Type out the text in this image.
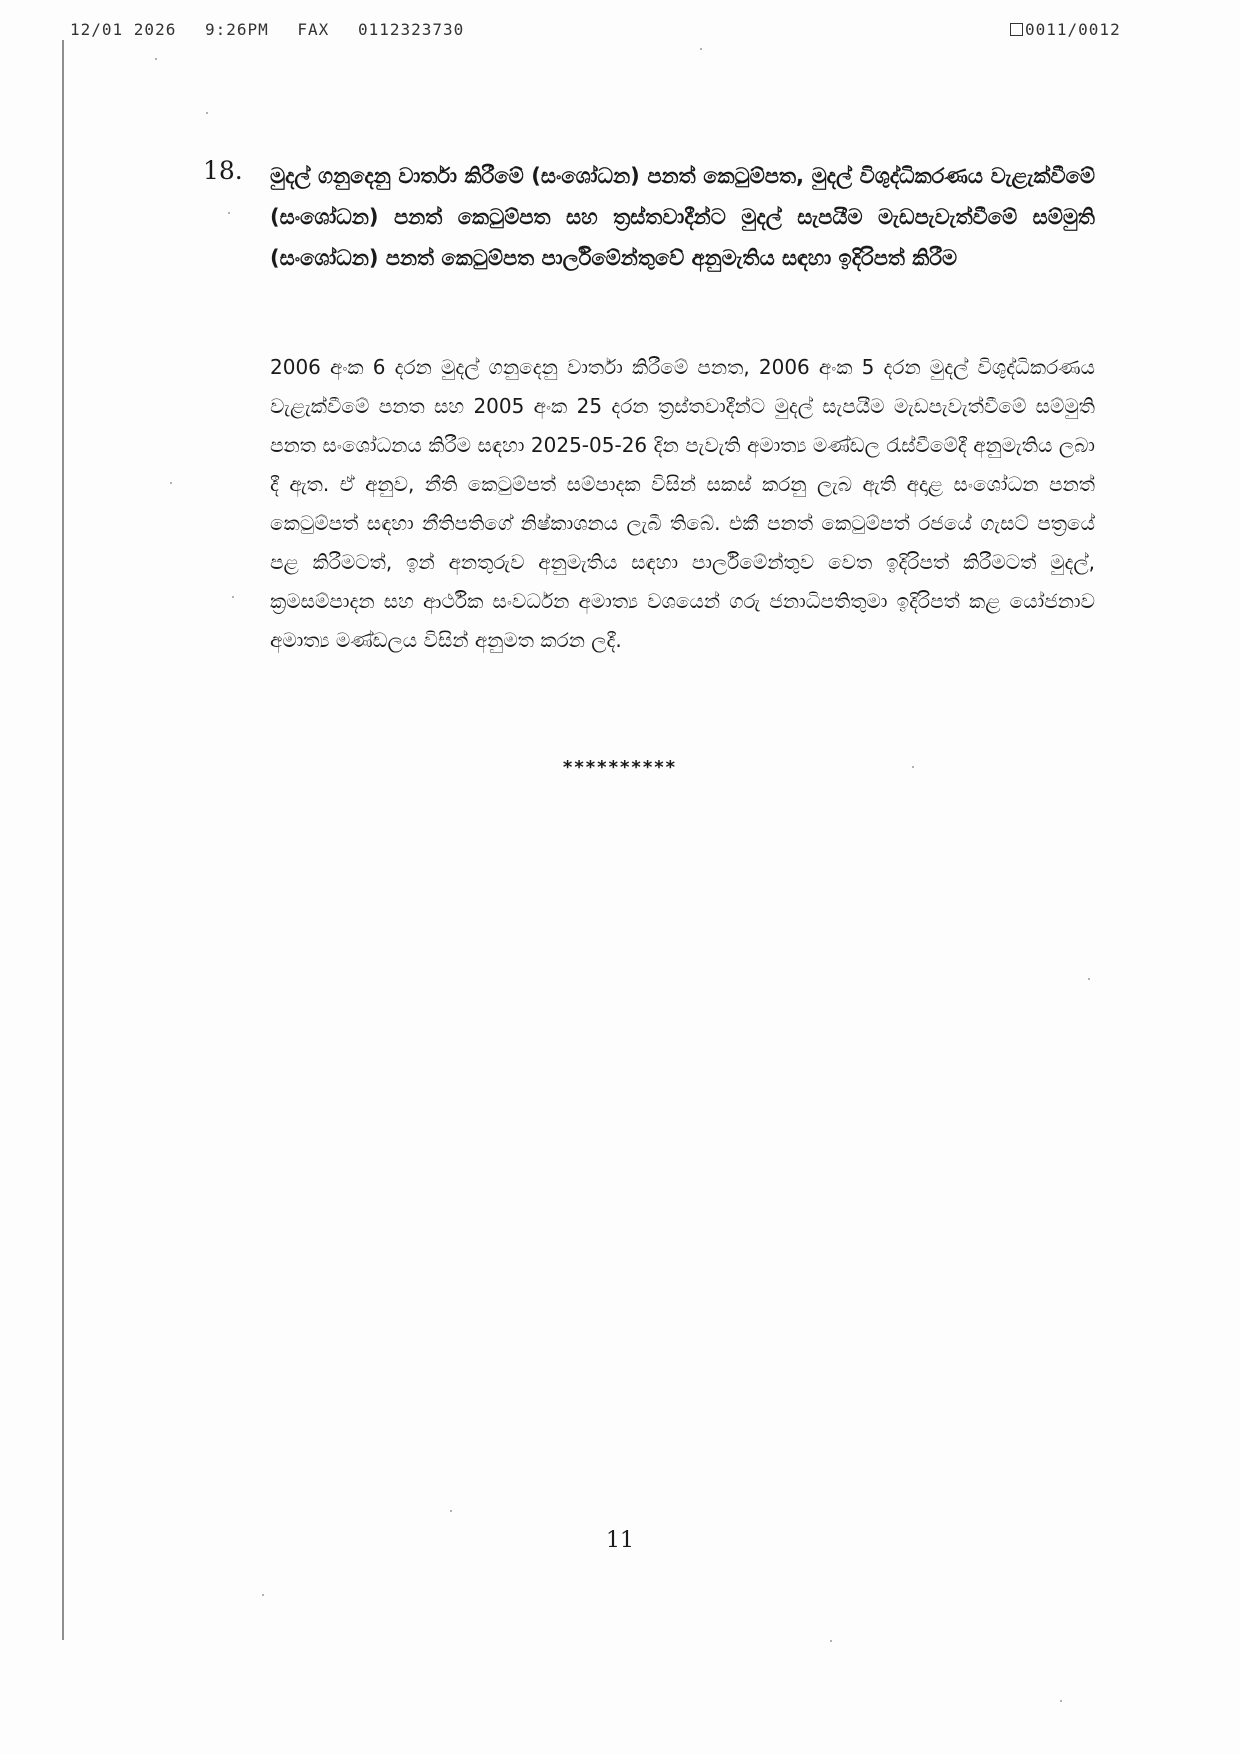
12/01 2026 9:26PM FAX 0112323730	0011/0012
18. මුදල් ගනුදෙනු වාර්තා කිරීමේ (සංශෝධන) පනත් කෙටුම්පත, මුදල් විශුද්ධිකරණය වැළැක්වීමේ (සංශෝධන) පනත් කෙටුම්පත සහ ත්‍රස්තවාදීන්ට මුදල් සැපයීම මැඩපැවැත්වීමේ සම්මුති (සංශෝධන) පනත් කෙටුම්පත පාර්ලිමේන්තුවේ අනුමැතිය සඳහා ඉදිරිපත් කිරීම
2006 අංක 6 දරන මුදල් ගනුදෙනු වාර්තා කිරීමේ පනත, 2006 අංක 5 දරන මුදල් විශුද්ධිකරණය වැළැක්වීමේ පනත සහ 2005 අංක 25 දරන ත්‍රස්තවාදීන්ට මුදල් සැපයීම මැඩපැවැත්වීමේ සම්මුති පනත සංශෝධනය කිරීම සඳහා 2025-05-26 දින පැවැති අමාත්‍ය මණ්ඩල රැස්වීමේදී අනුමැතිය ලබා දී ඇත. ඒ අනුව, නීති කෙටුම්පත් සම්පාදක විසින් සකස් කරනු ලැබ ඇති අදාළ සංශෝධන පනත් කෙටුම්පත් සඳහා නීතිපතිගේ නිෂ්කාශනය ලැබී තිබේ. එකී පනත් කෙටුම්පත් රජයේ ගැසට් පත්‍රයේ පළ කිරීමටත්, ඉන් අනතුරුව අනුමැතිය සඳහා පාර්ලිමේන්තුව වෙත ඉදිරිපත් කිරීමටත් මුදල්, ක්‍රමසම්පාදන සහ ආර්ථික සංවර්ධන අමාත්‍ය වශයෙන් ගරු ජනාධිපතිතුමා ඉදිරිපත් කළ යෝජනාව අමාත්‍ය මණ්ඩලය විසින් අනුමත කරන ලදී.
**********
11
